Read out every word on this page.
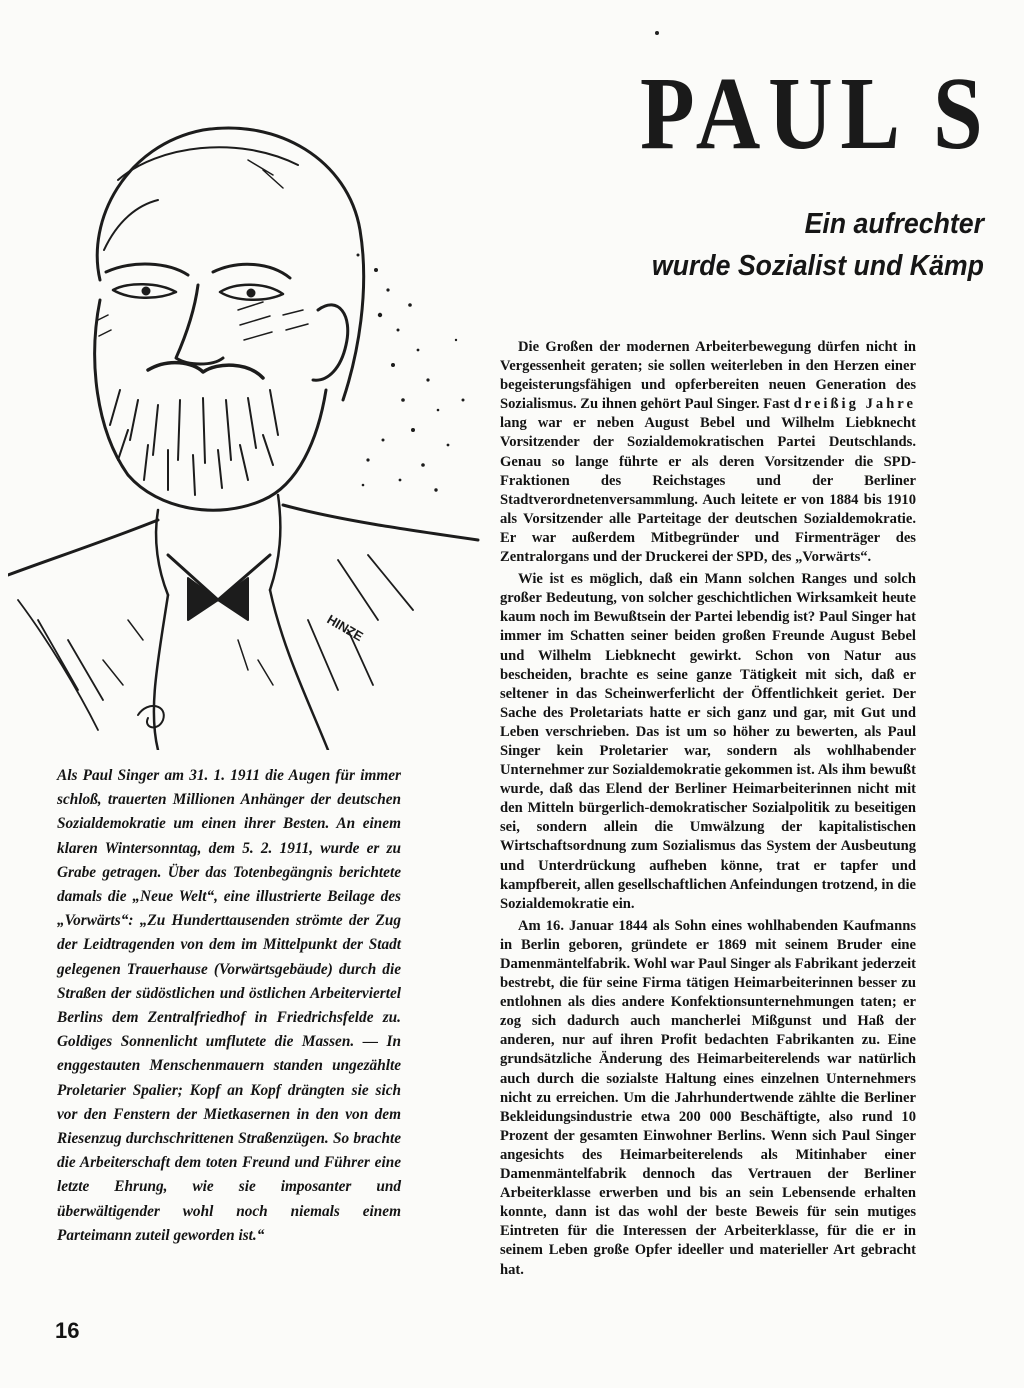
PAUL S
Ein aufrechter
wurde Sozialist und Kämp
HINZE

Als Paul Singer am 31. 1. 1911 die Augen für immer schloß, trauerten Millionen Anhänger der deutschen Sozialdemokratie um einen ihrer Besten. An einem klaren Wintersonntag, dem 5. 2. 1911, wurde er zu Grabe getragen. Über das Totenbegängnis berichtete damals die „Neue Welt“, eine illustrierte Beilage des „Vorwärts“: „Zu Hunderttausenden strömte der Zug der Leidtragenden von dem im Mittelpunkt der Stadt gelegenen Trauerhause (Vorwärtsgebäude) durch die Straßen der südöstlichen und östlichen Arbeiterviertel Berlins dem Zentralfriedhof in Friedrichsfelde zu. Goldiges Sonnenlicht umflutete die Massen. — In enggestauten Menschenmauern standen ungezählte Proletarier Spalier; Kopf an Kopf drängten sie sich vor den Fenstern der Mietkasernen in den von dem Riesenzug durchschrittenen Straßenzügen. So brachte die Arbeiterschaft dem toten Freund und Führer eine letzte Ehrung, wie sie imposanter und überwältigender wohl noch niemals einem Parteimann zuteil geworden ist.“

Die Großen der modernen Arbeiterbewegung dürfen nicht in Vergessenheit geraten; sie sollen weiterleben in den Herzen einer begeisterungsfähigen und opferbereiten neuen Generation des Sozialismus. Zu ihnen gehört Paul Singer. Fast dreißig Jahre lang war er neben August Bebel und Wilhelm Liebknecht Vorsitzender der Sozialdemokratischen Partei Deutschlands. Genau so lange führte er als deren Vorsitzender die SPD-Fraktionen des Reichstages und der Berliner Stadtverordnetenversammlung. Auch leitete er von 1884 bis 1910 als Vorsitzender alle Parteitage der deutschen Sozialdemokratie. Er war außerdem Mitbegründer und Firmenträger des Zentralorgans und der Druckerei der SPD, des „Vorwärts“.

Wie ist es möglich, daß ein Mann solchen Ranges und solch großer Bedeutung, von solcher geschichtlichen Wirksamkeit heute kaum noch im Bewußtsein der Partei lebendig ist? Paul Singer hat immer im Schatten seiner beiden großen Freunde August Bebel und Wilhelm Liebknecht gewirkt. Schon von Natur aus bescheiden, brachte es seine ganze Tätigkeit mit sich, daß er seltener in das Scheinwerferlicht der Öffentlichkeit geriet. Der Sache des Proletariats hatte er sich ganz und gar, mit Gut und Leben verschrieben. Das ist um so höher zu bewerten, als Paul Singer kein Proletarier war, sondern als wohlhabender Unternehmer zur Sozialdemokratie gekommen ist. Als ihm bewußt wurde, daß das Elend der Berliner Heimarbeiterinnen nicht mit den Mitteln bürgerlich-demokratischer Sozialpolitik zu beseitigen sei, sondern allein die Umwälzung der kapitalistischen Wirtschaftsordnung zum Sozialismus das System der Ausbeutung und Unterdrückung aufheben könne, trat er tapfer und kampfbereit, allen gesellschaftlichen Anfeindungen trotzend, in die Sozialdemokratie ein.

Am 16. Januar 1844 als Sohn eines wohlhabenden Kaufmanns in Berlin geboren, gründete er 1869 mit seinem Bruder eine Damenmäntelfabrik. Wohl war Paul Singer als Fabrikant jederzeit bestrebt, die für seine Firma tätigen Heimarbeiterinnen besser zu entlohnen als dies andere Konfektionsunternehmungen taten; er zog sich dadurch auch mancherlei Mißgunst und Haß der anderen, nur auf ihren Profit bedachten Fabrikanten zu. Eine grundsätzliche Änderung des Heimarbeiterelends war natürlich auch durch die sozialste Haltung eines einzelnen Unternehmers nicht zu erreichen. Um die Jahrhundertwende zählte die Berliner Bekleidungsindustrie etwa 200 000 Beschäftigte, also rund 10 Prozent der gesamten Einwohner Berlins. Wenn sich Paul Singer angesichts des Heimarbeiterelends als Mitinhaber einer Damenmäntelfabrik dennoch das Vertrauen der Berliner Arbeiterklasse erwerben und bis an sein Lebensende erhalten konnte, dann ist das wohl der beste Beweis für sein mutiges Eintreten für die Interessen der Arbeiterklasse, für die er in seinem Leben große Opfer ideeller und materieller Art gebracht hat.

16
